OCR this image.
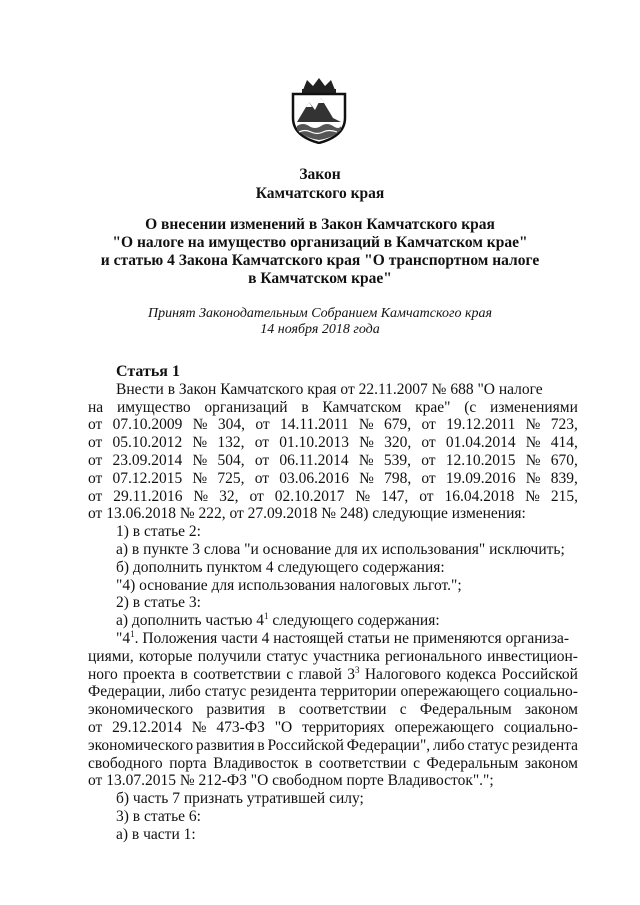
Закон
Камчатского края
О внесении изменений в Закон Камчатского края
"О налоге на имущество организаций в Камчатском крае"
и статью 4 Закона Камчатского края "О транспортном налоге
в Камчатском крае"
Принят Законодательным Собранием Камчатского края
14 ноября 2018 года
Статья 1
Внести в Закон Камчатского края от 22.11.2007 № 688 "О налоге
на имущество организаций в Камчатском крае" (с изменениями
от 07.10.2009 № 304, от 14.11.2011 № 679, от 19.12.2011 № 723,
от 05.10.2012 № 132, от 01.10.2013 № 320, от 01.04.2014 № 414,
от 23.09.2014 № 504, от 06.11.2014 № 539, от 12.10.2015 № 670,
от 07.12.2015 № 725, от 03.06.2016 № 798, от 19.09.2016 № 839,
от 29.11.2016 № 32, от 02.10.2017 № 147, от 16.04.2018 № 215,
от 13.06.2018 № 222, от 27.09.2018 № 248) следующие изменения:
1) в статье 2:
а) в пункте 3 слова "и основание для их использования" исключить;
б) дополнить пунктом 4 следующего содержания:
"4) основание для использования налоговых льгот.";
2) в статье 3:
а) дополнить частью $4^1$ следующего содержания:
"$4^1$. Положения части 4 настоящей статьи не применяются организа-
циями, которые получили статус участника регионального инвестицион-
ного проекта в соответствии с главой $3^3$ Налогового кодекса Российской
Федерации, либо статус резидента территории опережающего социально-
экономического развития в соответствии с Федеральным законом
от 29.12.2014 № 473-ФЗ "О территориях опережающего социально-
экономического развития в Российской Федерации", либо статус резидента
свободного порта Владивосток в соответствии с Федеральным законом
от 13.07.2015 № 212-ФЗ "О свободном порте Владивосток".";
б) часть 7 признать утратившей силу;
3) в статье 6:
а) в части 1:
